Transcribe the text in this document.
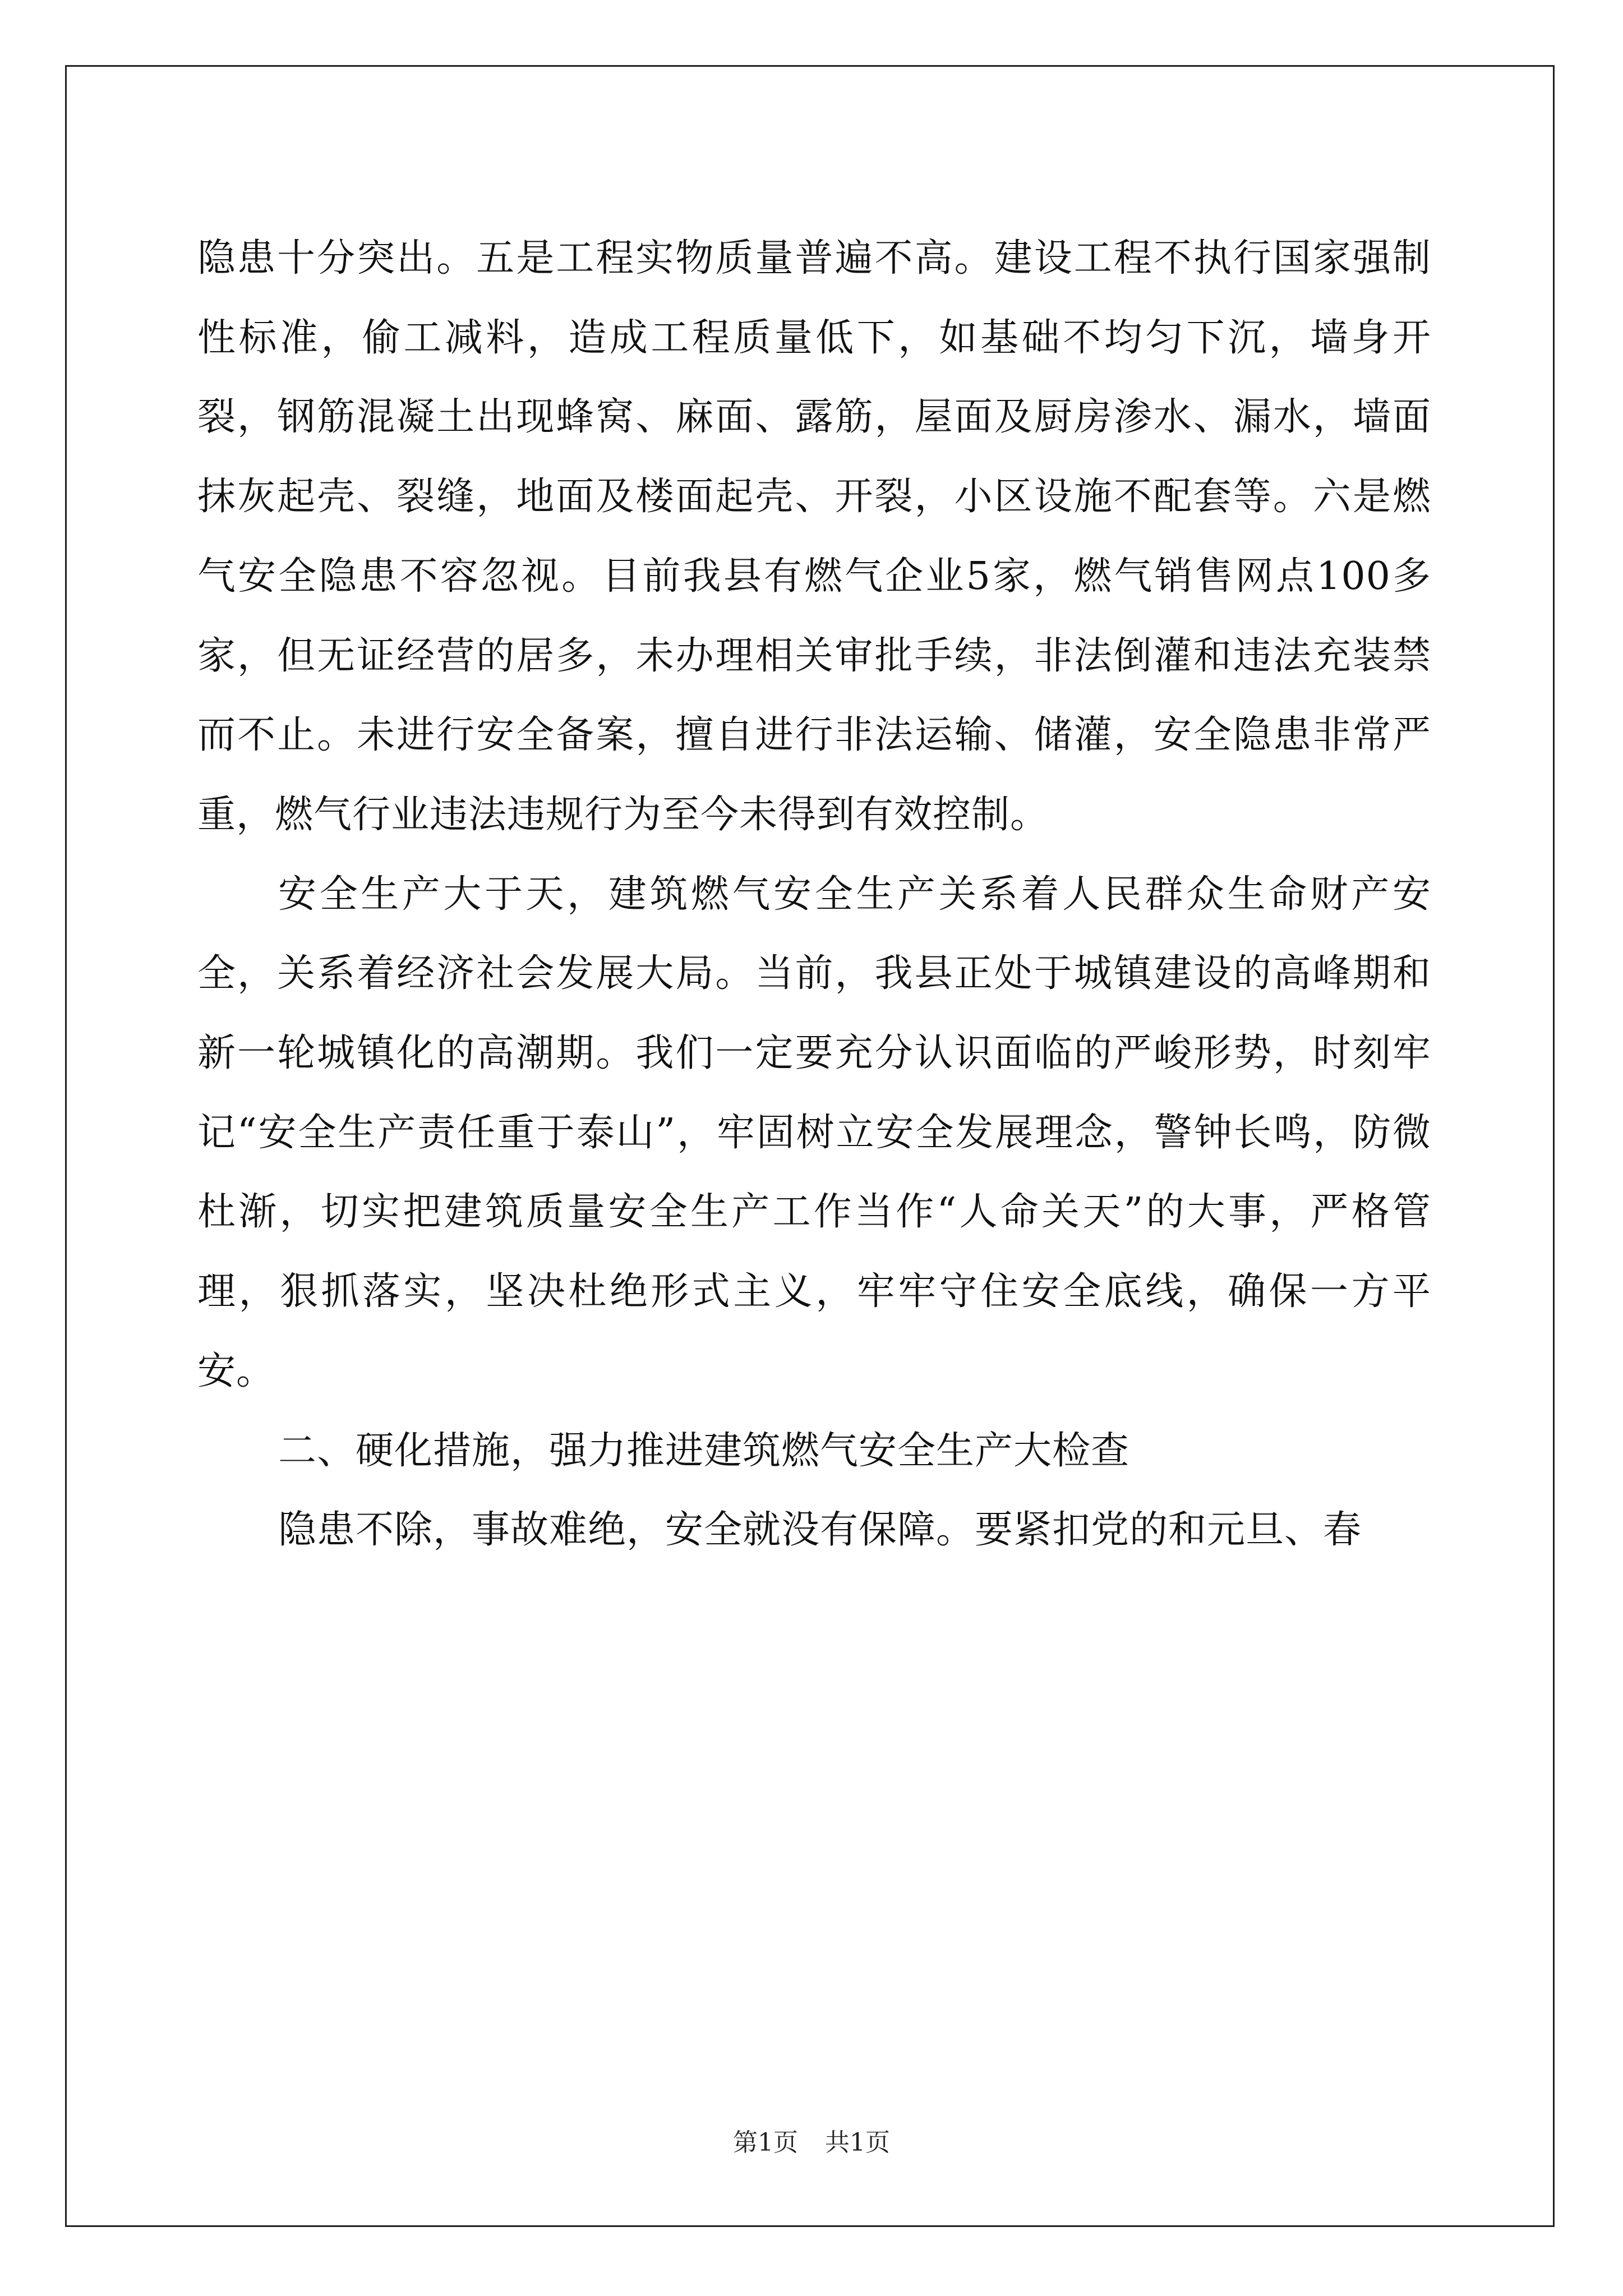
隐患十分突出。五是工程实物质量普遍不高。建设工程不执行国家强制性标准，偷工减料，造成工程质量低下，如基础不均匀下沉，墙身开裂，钢筋混凝土出现蜂窝、麻面、露筋，屋面及厨房渗水、漏水，墙面抹灰起壳、裂缝，地面及楼面起壳、开裂，小区设施不配套等。六是燃气安全隐患不容忽视。目前我县有燃气企业5家，燃气销售网点100多家，但无证经营的居多，未办理相关审批手续，非法倒灌和违法充装禁而不止。未进行安全备案，擅自进行非法运输、储灌，安全隐患非常严重，燃气行业违法违规行为至今未得到有效控制。

安全生产大于天，建筑燃气安全生产关系着人民群众生命财产安全，关系着经济社会发展大局。当前，我县正处于城镇建设的高峰期和新一轮城镇化的高潮期。我们一定要充分认识面临的严峻形势，时刻牢记“安全生产责任重于泰山”，牢固树立安全发展理念，警钟长鸣，防微杜渐，切实把建筑质量安全生产工作当作“人命关天”的大事，严格管理，狠抓落实，坚决杜绝形式主义，牢牢守住安全底线，确保一方平安。

二、硬化措施，强力推进建筑燃气安全生产大检查

隐患不除，事故难绝，安全就没有保障。要紧扣党的和元旦、春

第1页 共1页
